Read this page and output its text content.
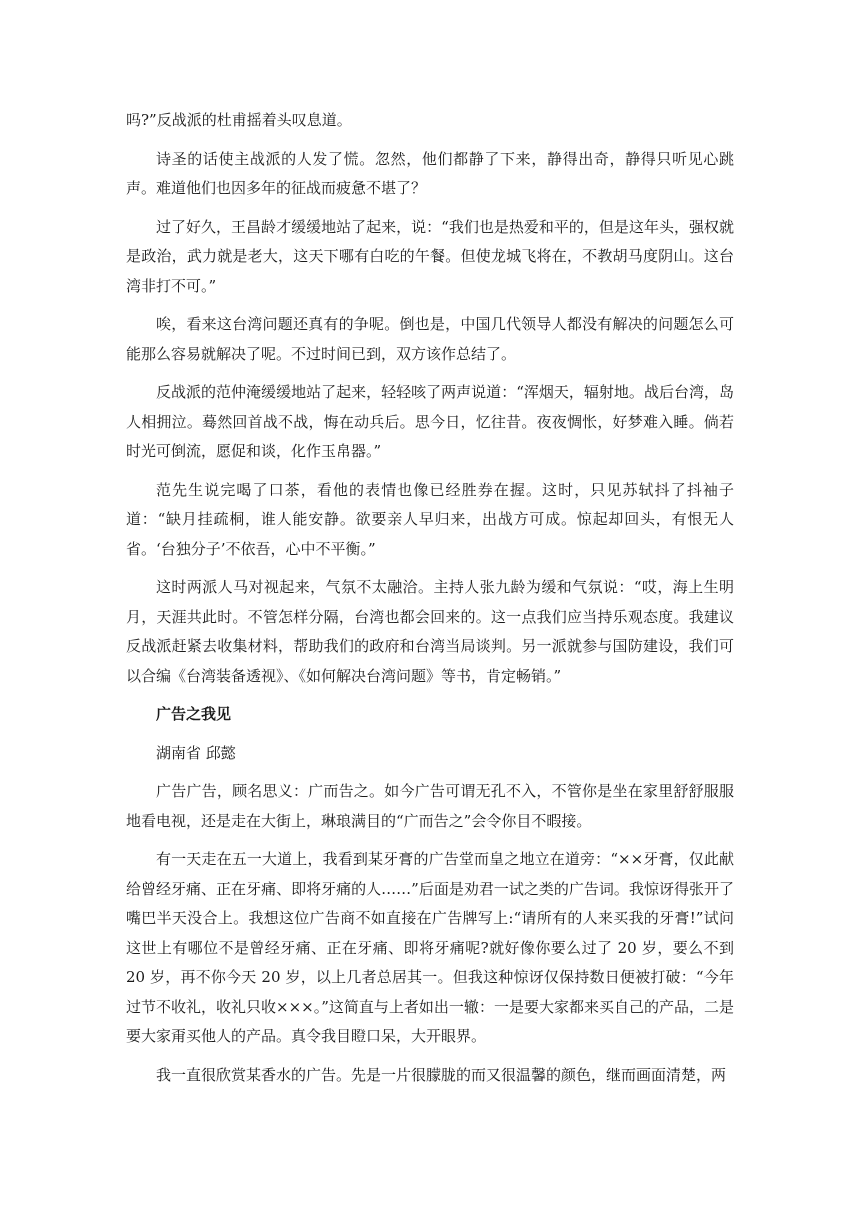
吗?”反战派的杜甫摇着头叹息道。

诗圣的话使主战派的人发了慌。忽然，他们都静了下来，静得出奇，静得只听见心跳声。难道他们也因多年的征战而疲惫不堪了？

过了好久，王昌龄才缓缓地站了起来，说：“我们也是热爱和平的，但是这年头，强权就是政治，武力就是老大，这天下哪有白吃的午餐。但使龙城飞将在，不教胡马度阴山。这台湾非打不可。”

唉，看来这台湾问题还真有的争呢。倒也是，中国几代领导人都没有解决的问题怎么可能那么容易就解决了呢。不过时间已到，双方该作总结了。

反战派的范仲淹缓缓地站了起来，轻轻咳了两声说道：“浑烟天，辐射地。战后台湾，岛人相拥泣。蓦然回首战不战，悔在动兵后。思今日，忆往昔。夜夜惆怅，好梦难入睡。倘若时光可倒流，愿促和谈，化作玉帛器。”

范先生说完喝了口茶，看他的表情也像已经胜券在握。这时，只见苏轼抖了抖袖子道：“缺月挂疏桐，谁人能安静。欲要亲人早归来，出战方可成。惊起却回头，有恨无人省。‘台独分子’不依吾，心中不平衡。”

这时两派人马对视起来，气氛不太融洽。主持人张九龄为缓和气氛说：“哎，海上生明月，天涯共此时。不管怎样分隔，台湾也都会回来的。这一点我们应当持乐观态度。我建议反战派赶紧去收集材料，帮助我们的政府和台湾当局谈判。另一派就参与国防建设，我们可以合编《台湾装备透视》、《如何解决台湾问题》等书，肯定畅销。”

广告之我见

湖南省 邱懿

广告广告，顾名思义：广而告之。如今广告可谓无孔不入，不管你是坐在家里舒舒服服地看电视，还是走在大街上，琳琅满目的“广而告之”会令你目不暇接。

有一天走在五一大道上，我看到某牙膏的广告堂而皇之地立在道旁：“××牙膏，仅此献给曾经牙痛、正在牙痛、即将牙痛的人……”后面是劝君一试之类的广告词。我惊讶得张开了嘴巴半天没合上。我想这位广告商不如直接在广告牌写上:“请所有的人来买我的牙膏!”试问这世上有哪位不是曾经牙痛、正在牙痛、即将牙痛呢?就好像你要么过了 20 岁，要么不到 20 岁，再不你今天 20 岁，以上几者总居其一。但我这种惊讶仅保持数日便被打破：“今年过节不收礼，收礼只收×××。”这简直与上者如出一辙：一是要大家都来买自己的产品，二是要大家甭买他人的产品。真令我目瞪口呆，大开眼界。

我一直很欣赏某香水的广告。先是一片很朦胧的而又很温馨的颜色，继而画面清楚，两
